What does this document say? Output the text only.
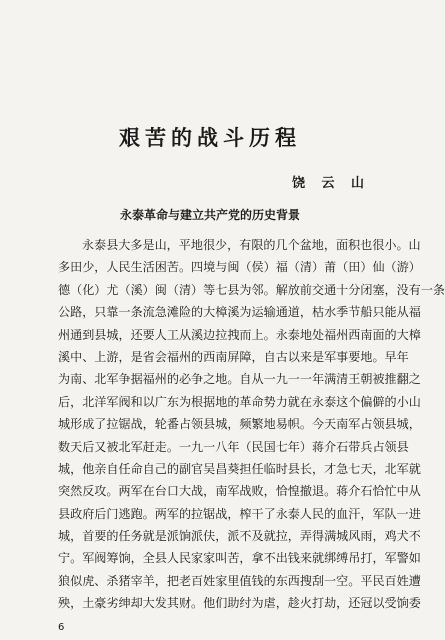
艰苦的战斗历程
饶 云 山
永泰革命与建立共产党的历史背景
永泰县大多是山，平地很少，有限的几个盆地，面积也很小。山
多田少，人民生活困苦。四境与闽（侯）福（清）莆（田）仙（游）
德（化）尤（溪）闽（清）等七县为邻。解放前交通十分闭塞，没有一条
公路，只靠一条流急滩险的大樟溪为运输通道，枯水季节船只能从福
州通到县城，还要人工从溪边拉拽而上。永泰地处福州西南面的大樟
溪中、上游，是省会福州的西南屏障，自古以来是军事要地。早年
为南、北军争据福州的必争之地。自从一九一一年满清王朝被推翻之
后，北洋军阀和以广东为根据地的革命势力就在永泰这个偏僻的小山
城形成了拉锯战，轮番占领县城，频繁地易帜。今天南军占领县城，
数天后又被北军赶走。一九一八年（民国七年）蒋介石带兵占领县
城，他亲自任命自己的副官吴昌葵担任临时县长，才急七天，北军就
突然反攻。两军在台口大战，南军战败，恰惶撤退。蒋介石恰忙中从
县政府后门逃跑。两军的拉锯战，榨干了永泰人民的血汗，军队一进
城，首要的任务就是派饷派伕，派不及就拉，弄得满城风雨，鸡犬不
宁。军阀筹饷，全县人民家家叫苦，拿不出钱来就绑缚吊打，军警如
狼似虎、杀猪宰羊，把老百姓家里值钱的东西搜刮一空。平民百姓遭
殃，土豪劣绅却大发其财。他们助纣为虐，趁火打劫，还冠以受饷委
6
